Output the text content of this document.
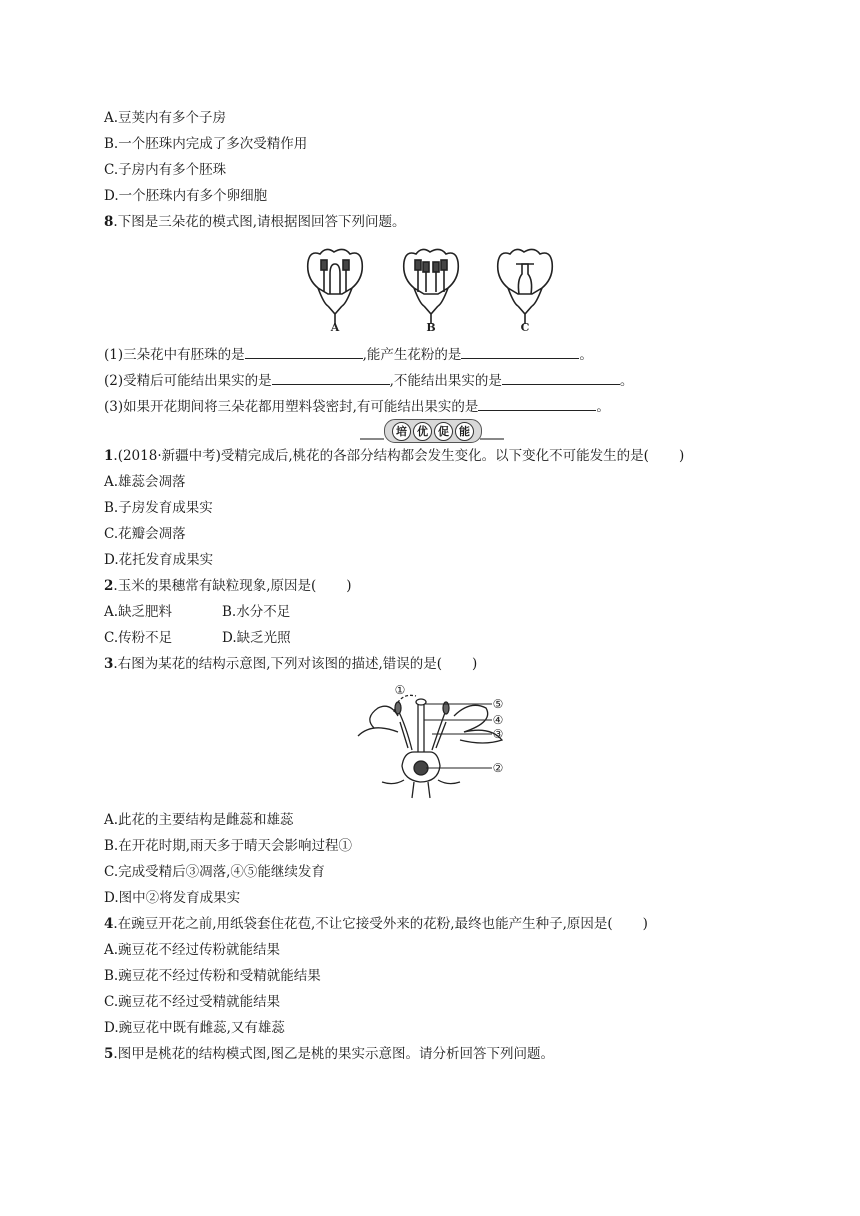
A.豆荚内有多个子房
B.一个胚珠内完成了多次受精作用
C.子房内有多个胚珠
D.一个胚珠内有多个卵细胞
8.下图是三朵花的模式图,请根据图回答下列问题。
A	B	C
(1)三朵花中有胚珠的是	,能产生花粉的是	。
(2)受精后可能结出果实的是	,不能结出果实的是	。
(3)如果开花期间将三朵花都用塑料袋密封,有可能结出果实的是	。
培 优 促 能
1.(2018·新疆中考)受精完成后,桃花的各部分结构都会发生变化。以下变化不可能发生的是( )
A.雄蕊会凋落
B.子房发育成果实
C.花瓣会凋落
D.花托发育成果实
2.玉米的果穗常有缺粒现象,原因是( )
A.缺乏肥料	B.水分不足
C.传粉不足	D.缺乏光照
3.右图为某花的结构示意图,下列对该图的描述,错误的是( )
①
⑤
④
③
②
A.此花的主要结构是雌蕊和雄蕊
B.在开花时期,雨天多于晴天会影响过程①
C.完成受精后③凋落,④⑤能继续发育
D.图中②将发育成果实
4.在豌豆开花之前,用纸袋套住花苞,不让它接受外来的花粉,最终也能产生种子,原因是( )
A.豌豆花不经过传粉就能结果
B.豌豆花不经过传粉和受精就能结果
C.豌豆花不经过受精就能结果
D.豌豆花中既有雌蕊,又有雄蕊
5.图甲是桃花的结构模式图,图乙是桃的果实示意图。请分析回答下列问题。
